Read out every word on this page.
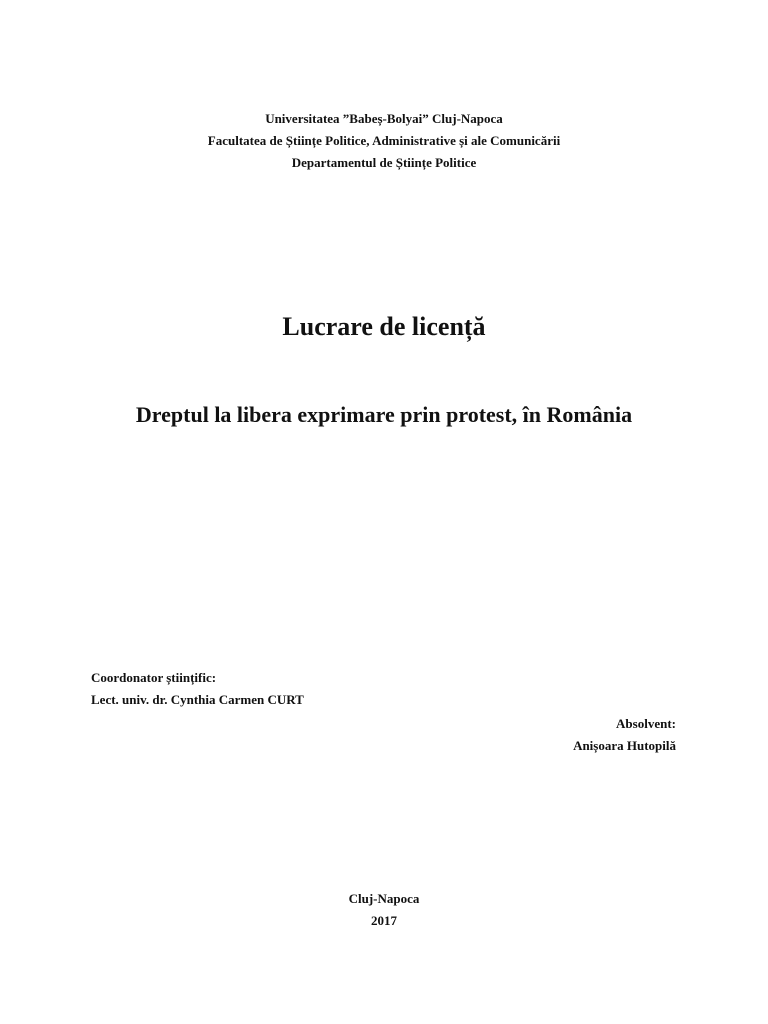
Universitatea ”Babeș-Bolyai” Cluj-Napoca

Facultatea de Științe Politice, Administrative și ale Comunicării

Departamentul de Științe Politice

Lucrare de licență
Dreptul la libera exprimare prin protest, în România

Coordonator științific:

Lect. univ. dr. Cynthia Carmen CURT

Absolvent:

Anișoara Hutopilă

Cluj-Napoca

2017
